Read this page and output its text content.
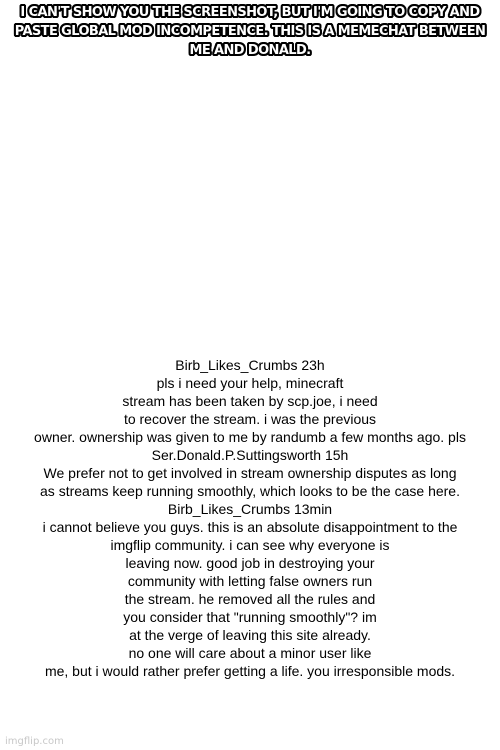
I CAN'T SHOW YOU THE SCREENSHOT, BUT I'M GOING TO COPY AND PASTE GLOBAL MOD INCOMPETENCE. THIS IS A MEMECHAT BETWEEN ME AND DONALD.
Birb_Likes_Crumbs 23h
pls i need your help, minecraft
stream has been taken by scp.joe, i need
to recover the stream. i was the previous
owner. ownership was given to me by randumb a few months ago. pls
Ser.Donald.P.Suttingsworth 15h
We prefer not to get involved in stream ownership disputes as long
as streams keep running smoothly, which looks to be the case here.
Birb_Likes_Crumbs 13min
i cannot believe you guys. this is an absolute disappointment to the
imgflip community. i can see why everyone is
leaving now. good job in destroying your
community with letting false owners run
the stream. he removed all the rules and
you consider that "running smoothly"? im
at the verge of leaving this site already.
no one will care about a minor user like
me, but i would rather prefer getting a life. you irresponsible mods.
imgflip.com
